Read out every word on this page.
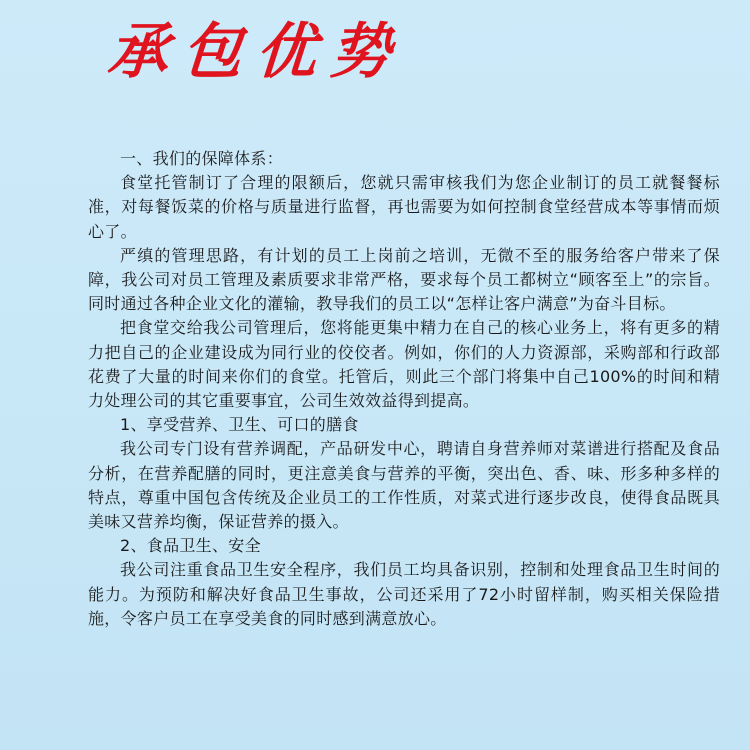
承包优势

一、我们的保障体系：

食堂托管制订了合理的限额后，您就只需审核我们为您企业制订的员工就餐餐标准，对每餐饭菜的价格与质量进行监督，再也需要为如何控制食堂经营成本等事情而烦心了。

严缜的管理思路，有计划的员工上岗前之培训，无微不至的服务给客户带来了保障，我公司对员工管理及素质要求非常严格，要求每个员工都树立“顾客至上”的宗旨。同时通过各种企业文化的灌输，教导我们的员工以“怎样让客户满意”为奋斗目标。

把食堂交给我公司管理后，您将能更集中精力在自己的核心业务上，将有更多的精力把自己的企业建设成为同行业的佼佼者。例如，你们的人力资源部，采购部和行政部花费了大量的时间来你们的食堂。托管后，则此三个部门将集中自己100%的时间和精力处理公司的其它重要事宜，公司生效效益得到提高。

1、享受营养、卫生、可口的膳食

我公司专门设有营养调配，产品研发中心，聘请自身营养师对菜谱进行搭配及食品分析，在营养配膳的同时，更注意美食与营养的平衡，突出色、香、味、形多种多样的特点，尊重中国包含传统及企业员工的工作性质，对菜式进行逐步改良，使得食品既具美味又营养均衡，保证营养的摄入。

2、食品卫生、安全

我公司注重食品卫生安全程序，我们员工均具备识别，控制和处理食品卫生时间的能力。为预防和解决好食品卫生事故，公司还采用了72小时留样制，购买相关保险措施，令客户员工在享受美食的同时感到满意放心。
